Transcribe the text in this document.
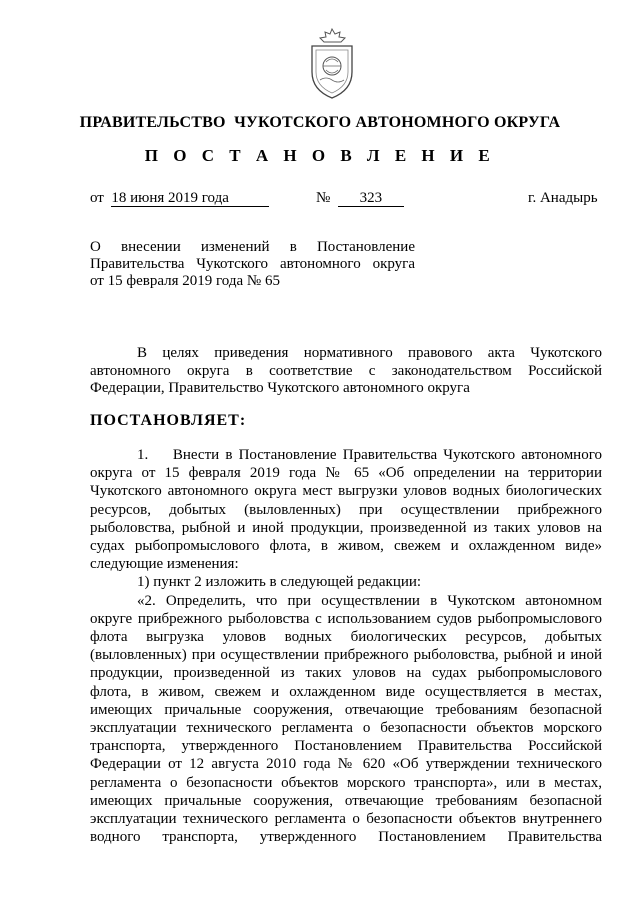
ПРАВИТЕЛЬСТВО  ЧУКОТСКОГО АВТОНОМНОГО ОКРУГА
П О С Т А Н О В Л Е Н И Е
от 18 июня 2019 года	№ 323	г. Анадырь
О внесении изменений в Постановление
Правительства Чукотского автономного округа
от 15 февраля 2019 года № 65
В целях приведения нормативного правового акта Чукотского
автономного округа в соответствие с законодательством Российской
Федерации, Правительство Чукотского автономного округа
ПОСТАНОВЛЯЕТ:
1.    Внести в Постановление Правительства Чукотского автономного
округа от 15 февраля 2019 года № 65 «Об определении на территории
Чукотского автономного округа мест выгрузки уловов водных биологических
ресурсов, добытых (выловленных) при осуществлении прибрежного
рыболовства, рыбной и иной продукции, произведенной из таких уловов на
судах рыбопромыслового флота, в живом, свежем и охлажденном виде»
следующие изменения:
1) пункт 2 изложить в следующей редакции:
«2. Определить, что при осуществлении в Чукотском автономном
округе прибрежного рыболовства с использованием судов рыбопромыслового
флота выгрузка уловов водных биологических ресурсов, добытых
(выловленных) при осуществлении прибрежного рыболовства, рыбной и иной
продукции, произведенной из таких уловов на судах рыбопромыслового
флота, в живом, свежем и охлажденном виде осуществляется в местах,
имеющих причальные сооружения, отвечающие требованиям безопасной
эксплуатации технического регламента о безопасности объектов морского
транспорта, утвержденного Постановлением Правительства Российской
Федерации от 12 августа 2010 года № 620 «Об утверждении технического
регламента о безопасности объектов морского транспорта», или в местах,
имеющих причальные сооружения, отвечающие требованиям безопасной
эксплуатации технического регламента о безопасности объектов внутреннего
водного транспорта, утвержденного Постановлением Правительства
